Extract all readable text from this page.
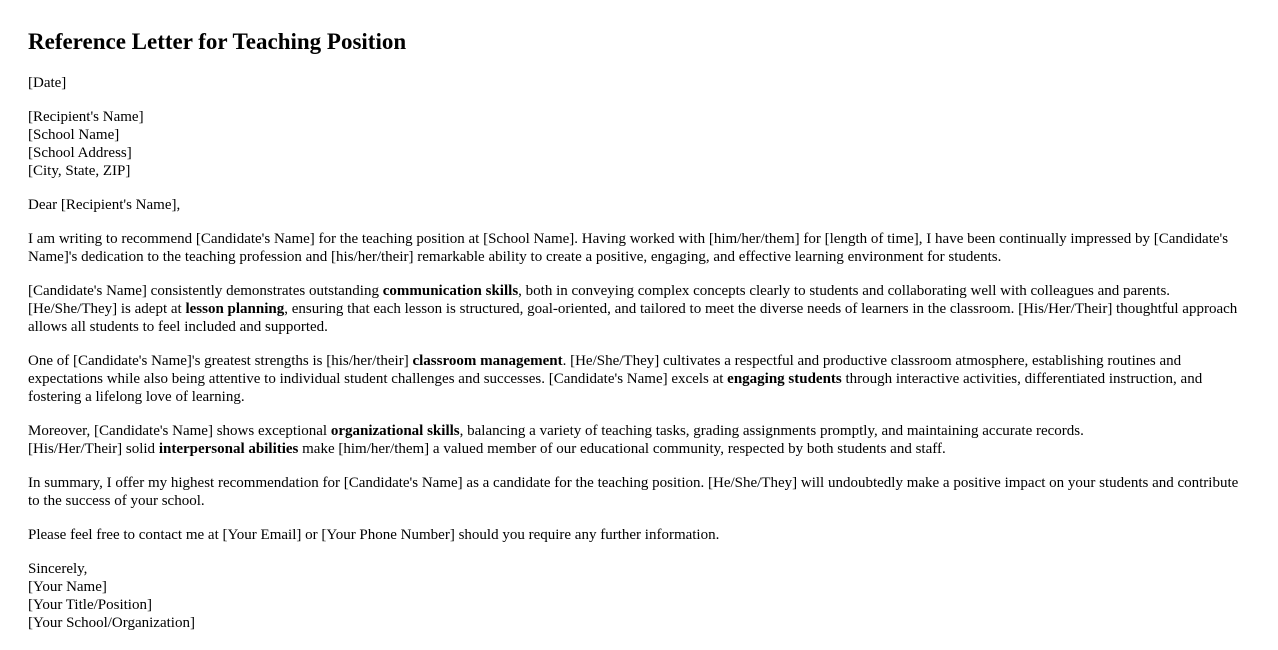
Reference Letter for Teaching Position

[Date]

[Recipient's Name]
[School Name]
[School Address]
[City, State, ZIP]

Dear [Recipient's Name],

I am writing to recommend [Candidate's Name] for the teaching position at [School Name]. Having worked with [him/her/them] for [length of time], I have been continually impressed by [Candidate's Name]'s dedication to the teaching profession and [his/her/their] remarkable ability to create a positive, engaging, and effective learning environment for students.

[Candidate's Name] consistently demonstrates outstanding communication skills, both in conveying complex concepts clearly to students and collaborating well with colleagues and parents. [He/She/They] is adept at lesson planning, ensuring that each lesson is structured, goal-oriented, and tailored to meet the diverse needs of learners in the classroom. [His/Her/Their] thoughtful approach allows all students to feel included and supported.

One of [Candidate's Name]'s greatest strengths is [his/her/their] classroom management. [He/She/They] cultivates a respectful and productive classroom atmosphere, establishing routines and expectations while also being attentive to individual student challenges and successes. [Candidate's Name] excels at engaging students through interactive activities, differentiated instruction, and fostering a lifelong love of learning.

Moreover, [Candidate's Name] shows exceptional organizational skills, balancing a variety of teaching tasks, grading assignments promptly, and maintaining accurate records.
[His/Her/Their] solid interpersonal abilities make [him/her/them] a valued member of our educational community, respected by both students and staff.

In summary, I offer my highest recommendation for [Candidate's Name] as a candidate for the teaching position. [He/She/They] will undoubtedly make a positive impact on your students and contribute to the success of your school.

Please feel free to contact me at [Your Email] or [Your Phone Number] should you require any further information.

Sincerely,
[Your Name]
[Your Title/Position]
[Your School/Organization]
